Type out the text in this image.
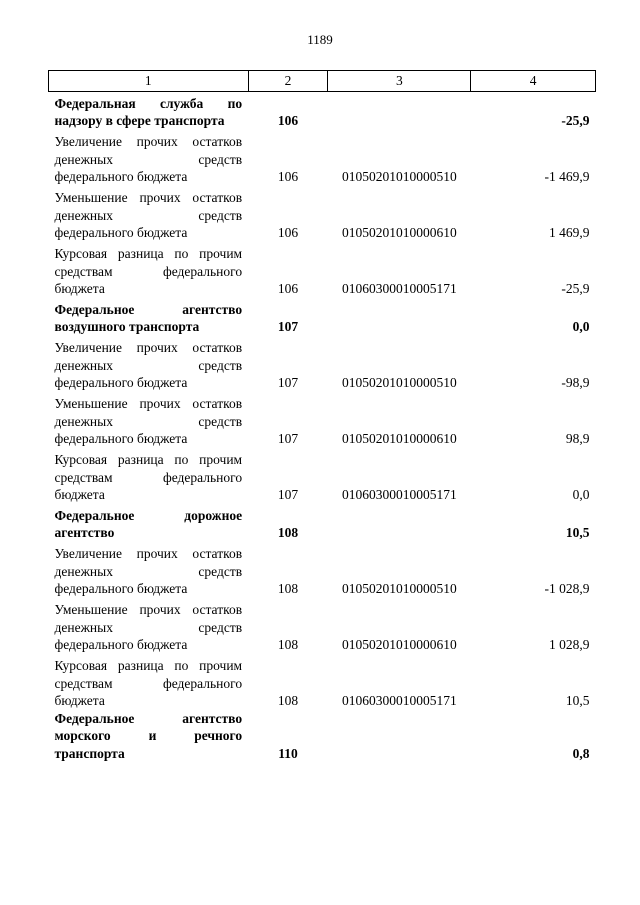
1189
1	2	3	4

Федеральная служба по надзору в сфере транспорта	106		-25,9

Увеличение прочих остатков денежных средств федерального бюджета	106	01050201010000510	-1 469,9

Уменьшение прочих остатков денежных средств федерального бюджета	106	01050201010000610	1 469,9

Курсовая разница по прочим средствам федерального бюджета	106	01060300010005171	-25,9

Федеральное агентство воздушного транспорта	107		0,0

Увеличение прочих остатков денежных средств федерального бюджета	107	01050201010000510	-98,9

Уменьшение прочих остатков денежных средств федерального бюджета	107	01050201010000610	98,9

Курсовая разница по прочим средствам федерального бюджета	107	01060300010005171	0,0

Федеральное дорожное агентство	108		10,5

Увеличение прочих остатков денежных средств федерального бюджета	108	01050201010000510	-1 028,9

Уменьшение прочих остатков денежных средств федерального бюджета	108	01050201010000610	1 028,9

Курсовая разница по прочим средствам федерального бюджета	108	01060300010005171	10,5

Федеральное агентство морского и речного транспорта	110		0,8
